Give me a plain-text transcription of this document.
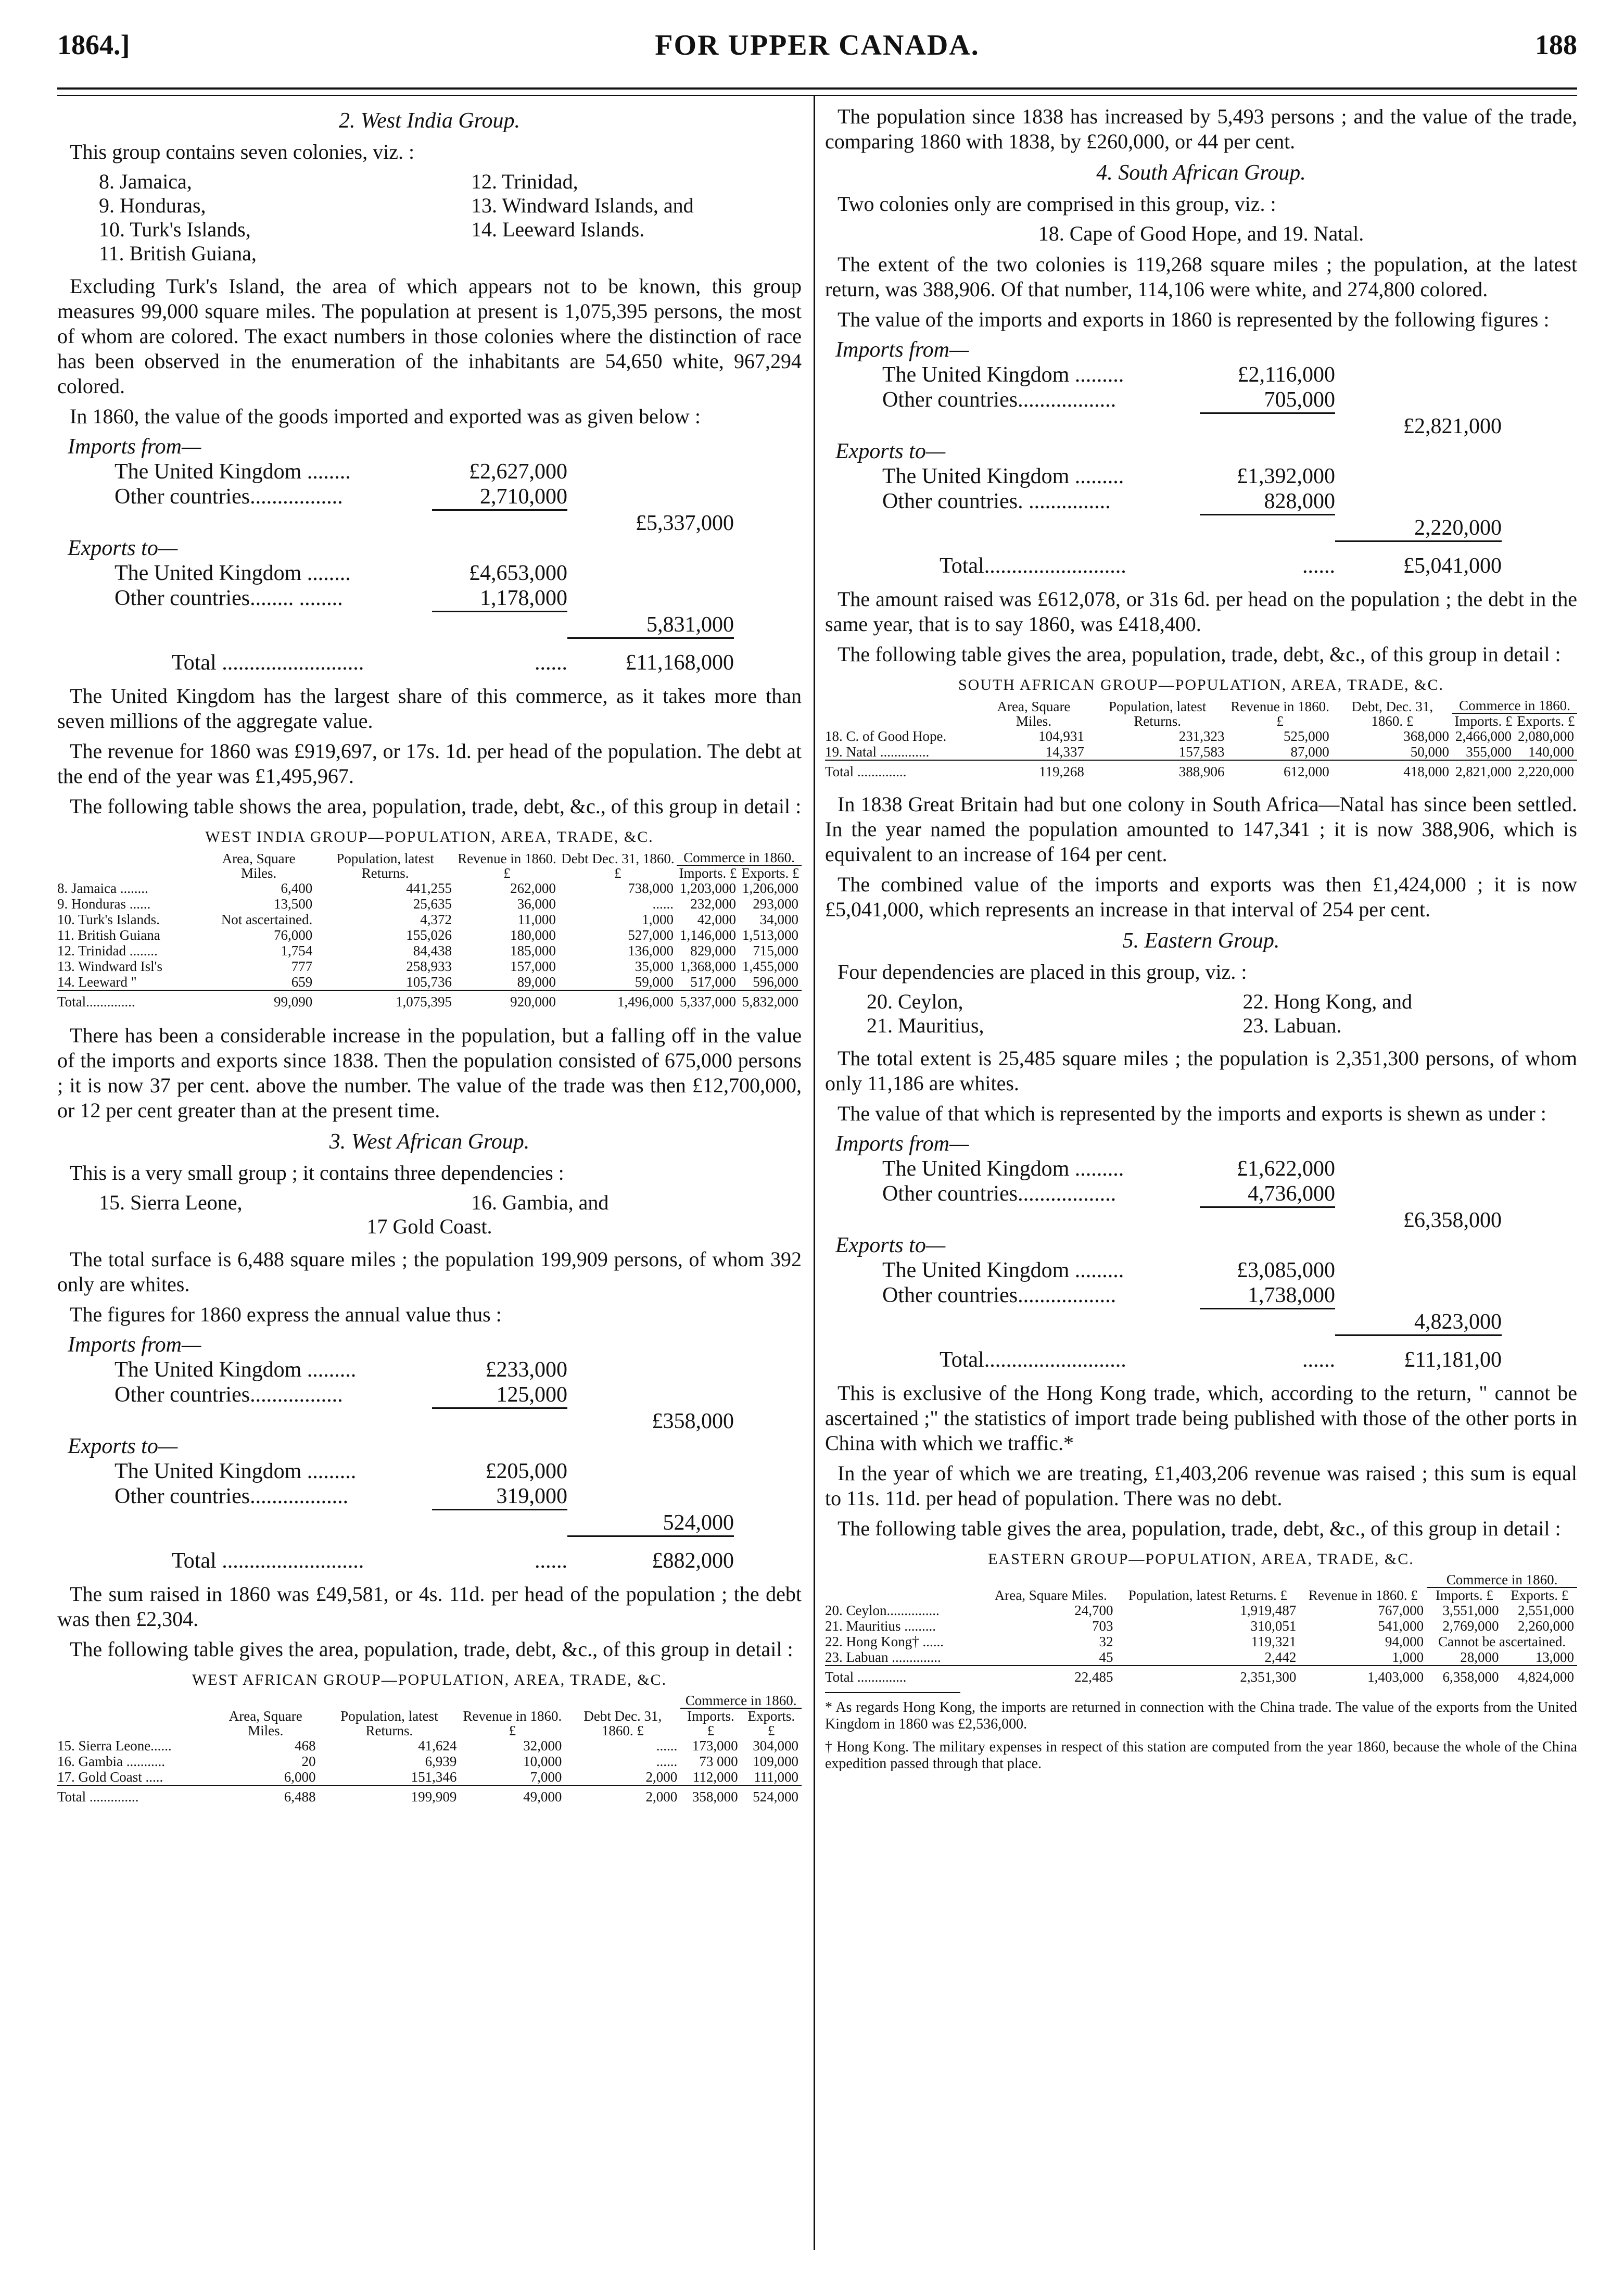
1864.]	FOR UPPER CANADA.	188
2. West India Group.

This group contains seven colonies, viz. :

8. Jamaica,	12. Trinidad,
9. Honduras,	13. Windward Islands, and
10. Turk's Islands,	14. Leeward Islands.
11. British Guiana,

Excluding Turk's Island, the area of which appears not to be known, this group measures 99,000 square miles. The population at present is 1,075,395 persons, the most of whom are colored. The exact numbers in those colonies where the distinction of race has been observed in the enumeration of the inhabitants are 54,650 white, 967,294 colored.

In 1860, the value of the goods imported and exported was as given below :

Imports from—
The United Kingdom ........	£2,627,000
Other countries.................	2,710,000
£5,337,000
Exports to—
The United Kingdom ........	£4,653,000
Other countries........ ........	1,178,000
5,831,000
Total ..........................	......	£11,168,000

The United Kingdom has the largest share of this commerce, as it takes more than seven millions of the aggregate value.

The revenue for 1860 was £919,697, or 17s. 1d. per head of the population. The debt at the end of the year was £1,495,967.

The following table shows the area, population, trade, debt, &c., of this group in detail :

WEST INDIA GROUP—POPULATION, AREA, TRADE, &C.
	Area, Square Miles.	Population, latest Returns.	Revenue in 1860. £	Debt Dec. 31, 1860. £	Commerce in 1860.	
					Imports. £	Exports. £
8. Jamaica ........	6,400	441,255	262,000	738,000	1,203,000	1,206,000
9. Honduras ......	13,500	25,635	36,000	......	232,000	293,000
10. Turk's Islands.	Not ascertained.	4,372	11,000	1,000	42,000	34,000
11. British Guiana	76,000	155,026	180,000	527,000	1,146,000	1,513,000
12. Trinidad ........	1,754	84,438	185,000	136,000	829,000	715,000
13. Windward Isl's	777	258,933	157,000	35,000	1,368,000	1,455,000
14. Leeward "	659	105,736	89,000	59,000	517,000	596,000
Total..............	99,090	1,075,395	920,000	1,496,000	5,337,000	5,832,000

There has been a considerable increase in the population, but a falling off in the value of the imports and exports since 1838. Then the population consisted of 675,000 persons ; it is now 37 per cent. above the number. The value of the trade was then £12,700,000, or 12 per cent greater than at the present time.

3. West African Group.

This is a very small group ; it contains three dependencies :

15. Sierra Leone,	16. Gambia, and
17 Gold Coast.

The total surface is 6,488 square miles ; the population 199,909 persons, of whom 392 only are whites.

The figures for 1860 express the annual value thus :

Imports from—
The United Kingdom .........	£233,000
Other countries.................	125,000
£358,000
Exports to—
The United Kingdom .........	£205,000
Other countries..................	319,000
524,000
Total ..........................	......	£882,000

The sum raised in 1860 was £49,581, or 4s. 11d. per head of the population ; the debt was then £2,304.

The following table gives the area, population, trade, debt, &c., of this group in detail :

WEST AFRICAN GROUP—POPULATION, AREA, TRADE, &C.
	Area, Square Miles.	Population, latest Returns.	Revenue in 1860. £	Debt Dec. 31, 1860. £	Commerce in 1860.	
					Imports. £	Exports. £
15. Sierra Leone......	468	41,624	32,000	......	173,000	304,000
16. Gambia ...........	20	6,939	10,000	......	73 000	109,000
17. Gold Coast .....	6,000	151,346	7,000	2,000	112,000	111,000
Total ..............	6,488	199,909	49,000	2,000	358,000	524,000

The population since 1838 has increased by 5,493 persons ; and the value of the trade, comparing 1860 with 1838, by £260,000, or 44 per cent.

4. South African Group.

Two colonies only are comprised in this group, viz. :

18. Cape of Good Hope, and 19. Natal.

The extent of the two colonies is 119,268 square miles ; the population, at the latest return, was 388,906. Of that number, 114,106 were white, and 274,800 colored.

The value of the imports and exports in 1860 is represented by the following figures :

Imports from—
The United Kingdom .........	£2,116,000
Other countries..................	705,000
£2,821,000
Exports to—
The United Kingdom .........	£1,392,000
Other countries. ...............	828,000
2,220,000
Total..........................	......	£5,041,000

The amount raised was £612,078, or 31s 6d. per head on the population ; the debt in the same year, that is to say 1860, was £418,400.

The following table gives the area, population, trade, debt, &c., of this group in detail :

SOUTH AFRICAN GROUP—POPULATION, AREA, TRADE, &C.
	Area, Square Miles.	Population, latest Returns.	Revenue in 1860. £	Debt, Dec. 31, 1860. £	Commerce in 1860.	
					Imports. £	Exports. £
18. C. of Good Hope.	104,931	231,323	525,000	368,000	2,466,000	2,080,000
19. Natal ..............	14,337	157,583	87,000	50,000	355,000	140,000
Total ..............	119,268	388,906	612,000	418,000	2,821,000	2,220,000

In 1838 Great Britain had but one colony in South Africa—Natal has since been settled. In the year named the population amounted to 147,341 ; it is now 388,906, which is equivalent to an increase of 164 per cent.

The combined value of the imports and exports was then £1,424,000 ; it is now £5,041,000, which represents an increase in that interval of 254 per cent.

5. Eastern Group.

Four dependencies are placed in this group, viz. :

20. Ceylon,	22. Hong Kong, and
21. Mauritius,	23. Labuan.

The total extent is 25,485 square miles ; the population is 2,351,300 persons, of whom only 11,186 are whites.

The value of that which is represented by the imports and exports is shewn as under :

Imports from—
The United Kingdom .........	£1,622,000
Other countries..................	4,736,000
£6,358,000
Exports to—
The United Kingdom .........	£3,085,000
Other countries..................	1,738,000
4,823,000
Total..........................	......	£11,181,00

This is exclusive of the Hong Kong trade, which, according to the return, " cannot be ascertained ;" the statistics of import trade being published with those of the other ports in China with which we traffic.*

In the year of which we are treating, £1,403,206 revenue was raised ; this sum is equal to 11s. 11d. per head of population. There was no debt.

The following table gives the area, population, trade, debt, &c., of this group in detail :

EASTERN GROUP—POPULATION, AREA, TRADE, &C.
	Area, Square Miles.	Population, latest Returns. £	Revenue in 1860. £	Commerce in 1860.	
				Imports. £	Exports. £
20. Ceylon...............	24,700	1,919,487	767,000	3,551,000	2,551,000
21. Mauritius .........	703	310,051	541,000	2,769,000	2,260,000
22. Hong Kong† ......	32	119,321	94,000	Cannot be ascertained.	
23. Labuan ..............	45	2,442	1,000	28,000	13,000
Total ..............	22,485	2,351,300	1,403,000	6,358,000	4,824,000
* As regards Hong Kong, the imports are returned in connection with the China trade. The value of the exports from the United Kingdom in 1860 was £2,536,000.
† Hong Kong. The military expenses in respect of this station are computed from the year 1860, because the whole of the China expedition passed through that place.
